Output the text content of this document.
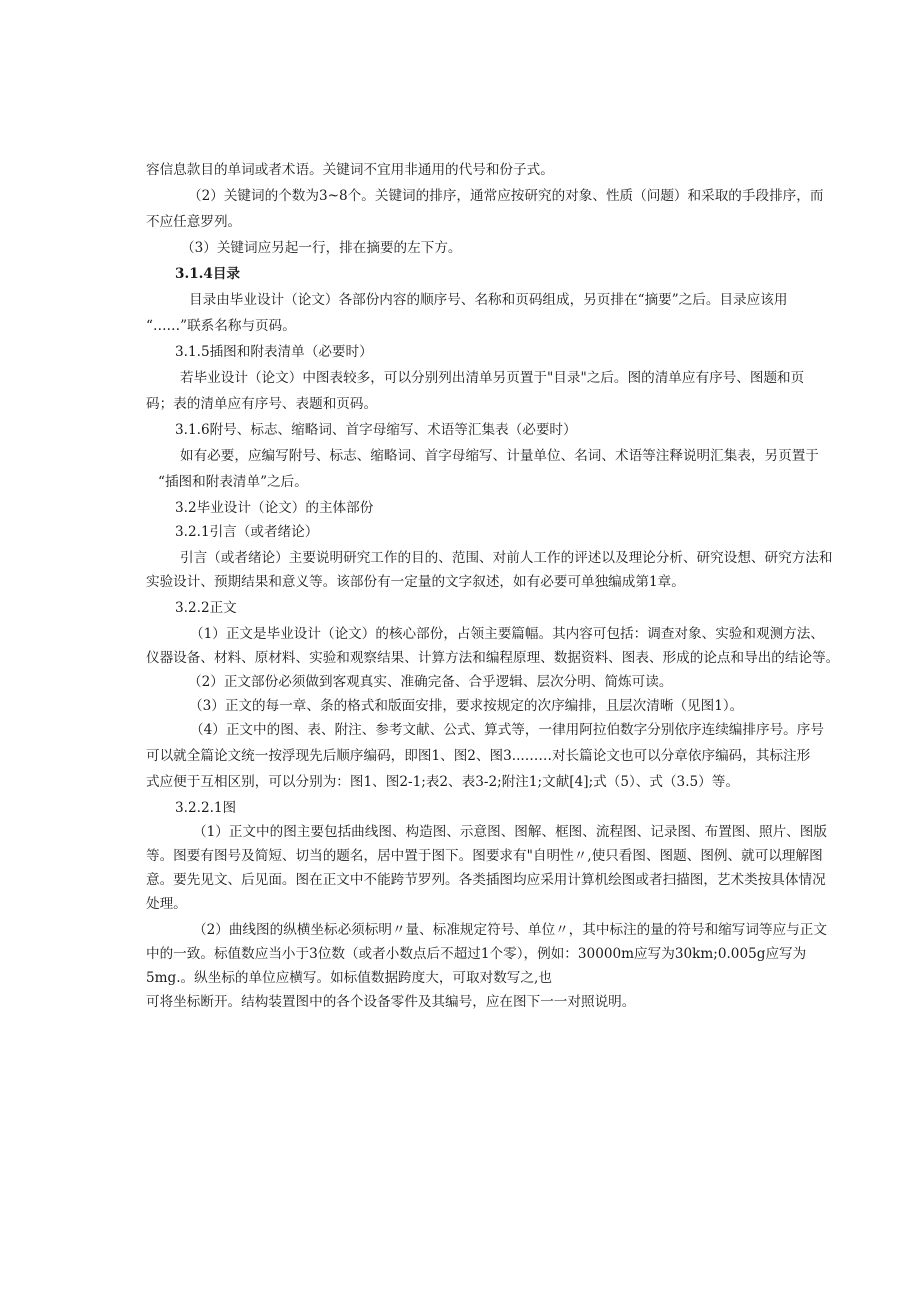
容信息款目的单词或者术语。关键词不宜用非通用的代号和份子式。

（2）关键词的个数为3~8个。关键词的排序，通常应按研究的对象、性质（问题）和采取的手段排序，而

不应任意罗列。

（3）关键词应另起一行，排在摘要的左下方。

3.1.4目录

目录由毕业设计（论文）各部份内容的顺序号、名称和页码组成，另页排在“摘要”之后。目录应该用

“……”联系名称与页码。

3.1.5插图和附表清单（必要时）

若毕业设计（论文）中图表较多，可以分别列出清单另页置于"目录"之后。图的清单应有序号、图题和页

码；表的清单应有序号、表题和页码。

3.1.6附号、标志、缩略词、首字母缩写、术语等汇集表（必要时）

如有必要，应编写附号、标志、缩略词、首字母缩写、计量单位、名词、术语等注释说明汇集表，另页置于

“插图和附表清单”之后。

3.2毕业设计（论文）的主体部份

3.2.1引言（或者绪论）

引言（或者绪论）主要说明研究工作的目的、范围、对前人工作的评述以及理论分析、研究设想、研究方法和

实验设计、预期结果和意义等。该部份有一定量的文字叙述，如有必要可单独编成第1章。

3.2.2正文

（1）正文是毕业设计（论文）的核心部份，占领主要篇幅。其内容可包括：调查对象、实验和观测方法、

仪器设备、材料、原材料、实验和观察结果、计算方法和编程原理、数据资料、图表、形成的论点和导出的结论等。

（2）正文部份必须做到客观真实、准确完备、合乎逻辑、层次分明、简炼可读。

（3）正文的每一章、条的格式和版面安排，要求按规定的次序编排，且层次清晰（见图1）。

（4）正文中的图、表、附注、参考文献、公式、算式等，一律用阿拉伯数字分别依序连续编排序号。序号

可以就全篇论文统一按浮现先后顺序编码，即图1、图2、图3...……对长篇论文也可以分章依序编码，其标注形

式应便于互相区别，可以分别为：图1、图2-1;表2、表3-2;附注1;文献[4];式（5）、式（3.5）等。

3.2.2.1图

（1）正文中的图主要包括曲线图、构造图、示意图、图解、框图、流程图、记录图、布置图、照片、图版

等。图要有图号及简短、切当的题名，居中置于图下。图要求有"自明性〃,使只看图、图题、图例、就可以理解图

意。要先见文、后见面。图在正文中不能跨节罗列。各类插图均应采用计算机绘图或者扫描图，艺术类按具体情况

处理。

（2）曲线图的纵横坐标必须标明〃量、标准规定符号、单位〃，其中标注的量的符号和缩写词等应与正文

中的一致。标值数应当小于3位数（或者小数点后不超过1个零），例如：30000m应写为30km;0.005g应写为

5mg.。纵坐标的单位应横写。如标值数据跨度大，可取对数写之,也

可将坐标断开。结构装置图中的各个设备零件及其编号，应在图下一一对照说明。
